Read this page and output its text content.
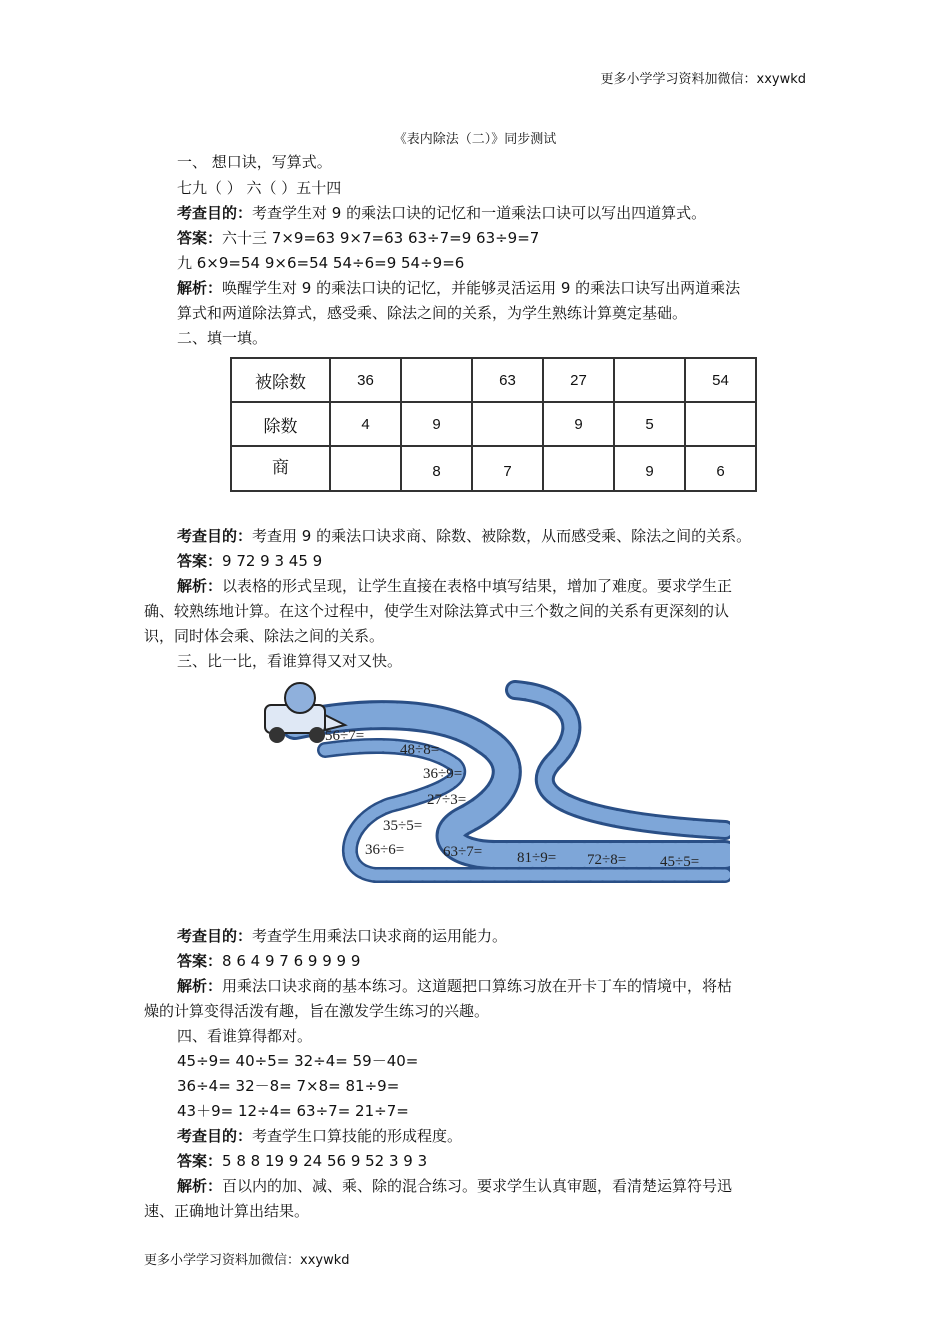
更多小学学习资料加微信：xxywkd
《表内除法（二）》同步测试
一、 想口诀，写算式。
七九（ ） 六（ ）五十四
考查目的：考查学生对 9 的乘法口诀的记忆和一道乘法口诀可以写出四道算式。
答案：六十三 7×9=63 9×7=63 63÷7=9 63÷9=7
九 6×9=54 9×6=54 54÷6=9 54÷9=6
解析：唤醒学生对 9 的乘法口诀的记忆，并能够灵活运用 9 的乘法口诀写出两道乘法
算式和两道除法算式，感受乘、除法之间的关系，为学生熟练计算奠定基础。
二、填一填。
被除数	36		63	27		54
除数	4	9		9	5	
商		8	7		9	6
考查目的：考查用 9 的乘法口诀求商、除数、被除数，从而感受乘、除法之间的关系。
答案：9 72 9 3 45 9
解析：以表格的形式呈现，让学生直接在表格中填写结果，增加了难度。要求学生正
确、较熟练地计算。在这个过程中，使学生对除法算式中三个数之间的关系有更深刻的认
识，同时体会乘、除法之间的关系。
三、比一比，看谁算得又对又快。
56÷7=
48÷8=
36÷9=
27÷3=
35÷5=
36÷6=	63÷7= 81÷9= 72÷8= 45÷5=
考查目的：考查学生用乘法口诀求商的运用能力。
答案：8 6 4 9 7 6 9 9 9 9
解析：用乘法口诀求商的基本练习。这道题把口算练习放在开卡丁车的情境中，将枯
燥的计算变得活泼有趣，旨在激发学生练习的兴趣。
四、看谁算得都对。
45÷9= 40÷5= 32÷4= 59－40=
36÷4= 32－8= 7×8= 81÷9=
43＋9= 12÷4= 63÷7= 21÷7=
考查目的：考查学生口算技能的形成程度。
答案：5 8 8 19 9 24 56 9 52 3 9 3
解析：百以内的加、减、乘、除的混合练习。要求学生认真审题，看清楚运算符号迅
速、正确地计算出结果。
更多小学学习资料加微信：xxywkd
